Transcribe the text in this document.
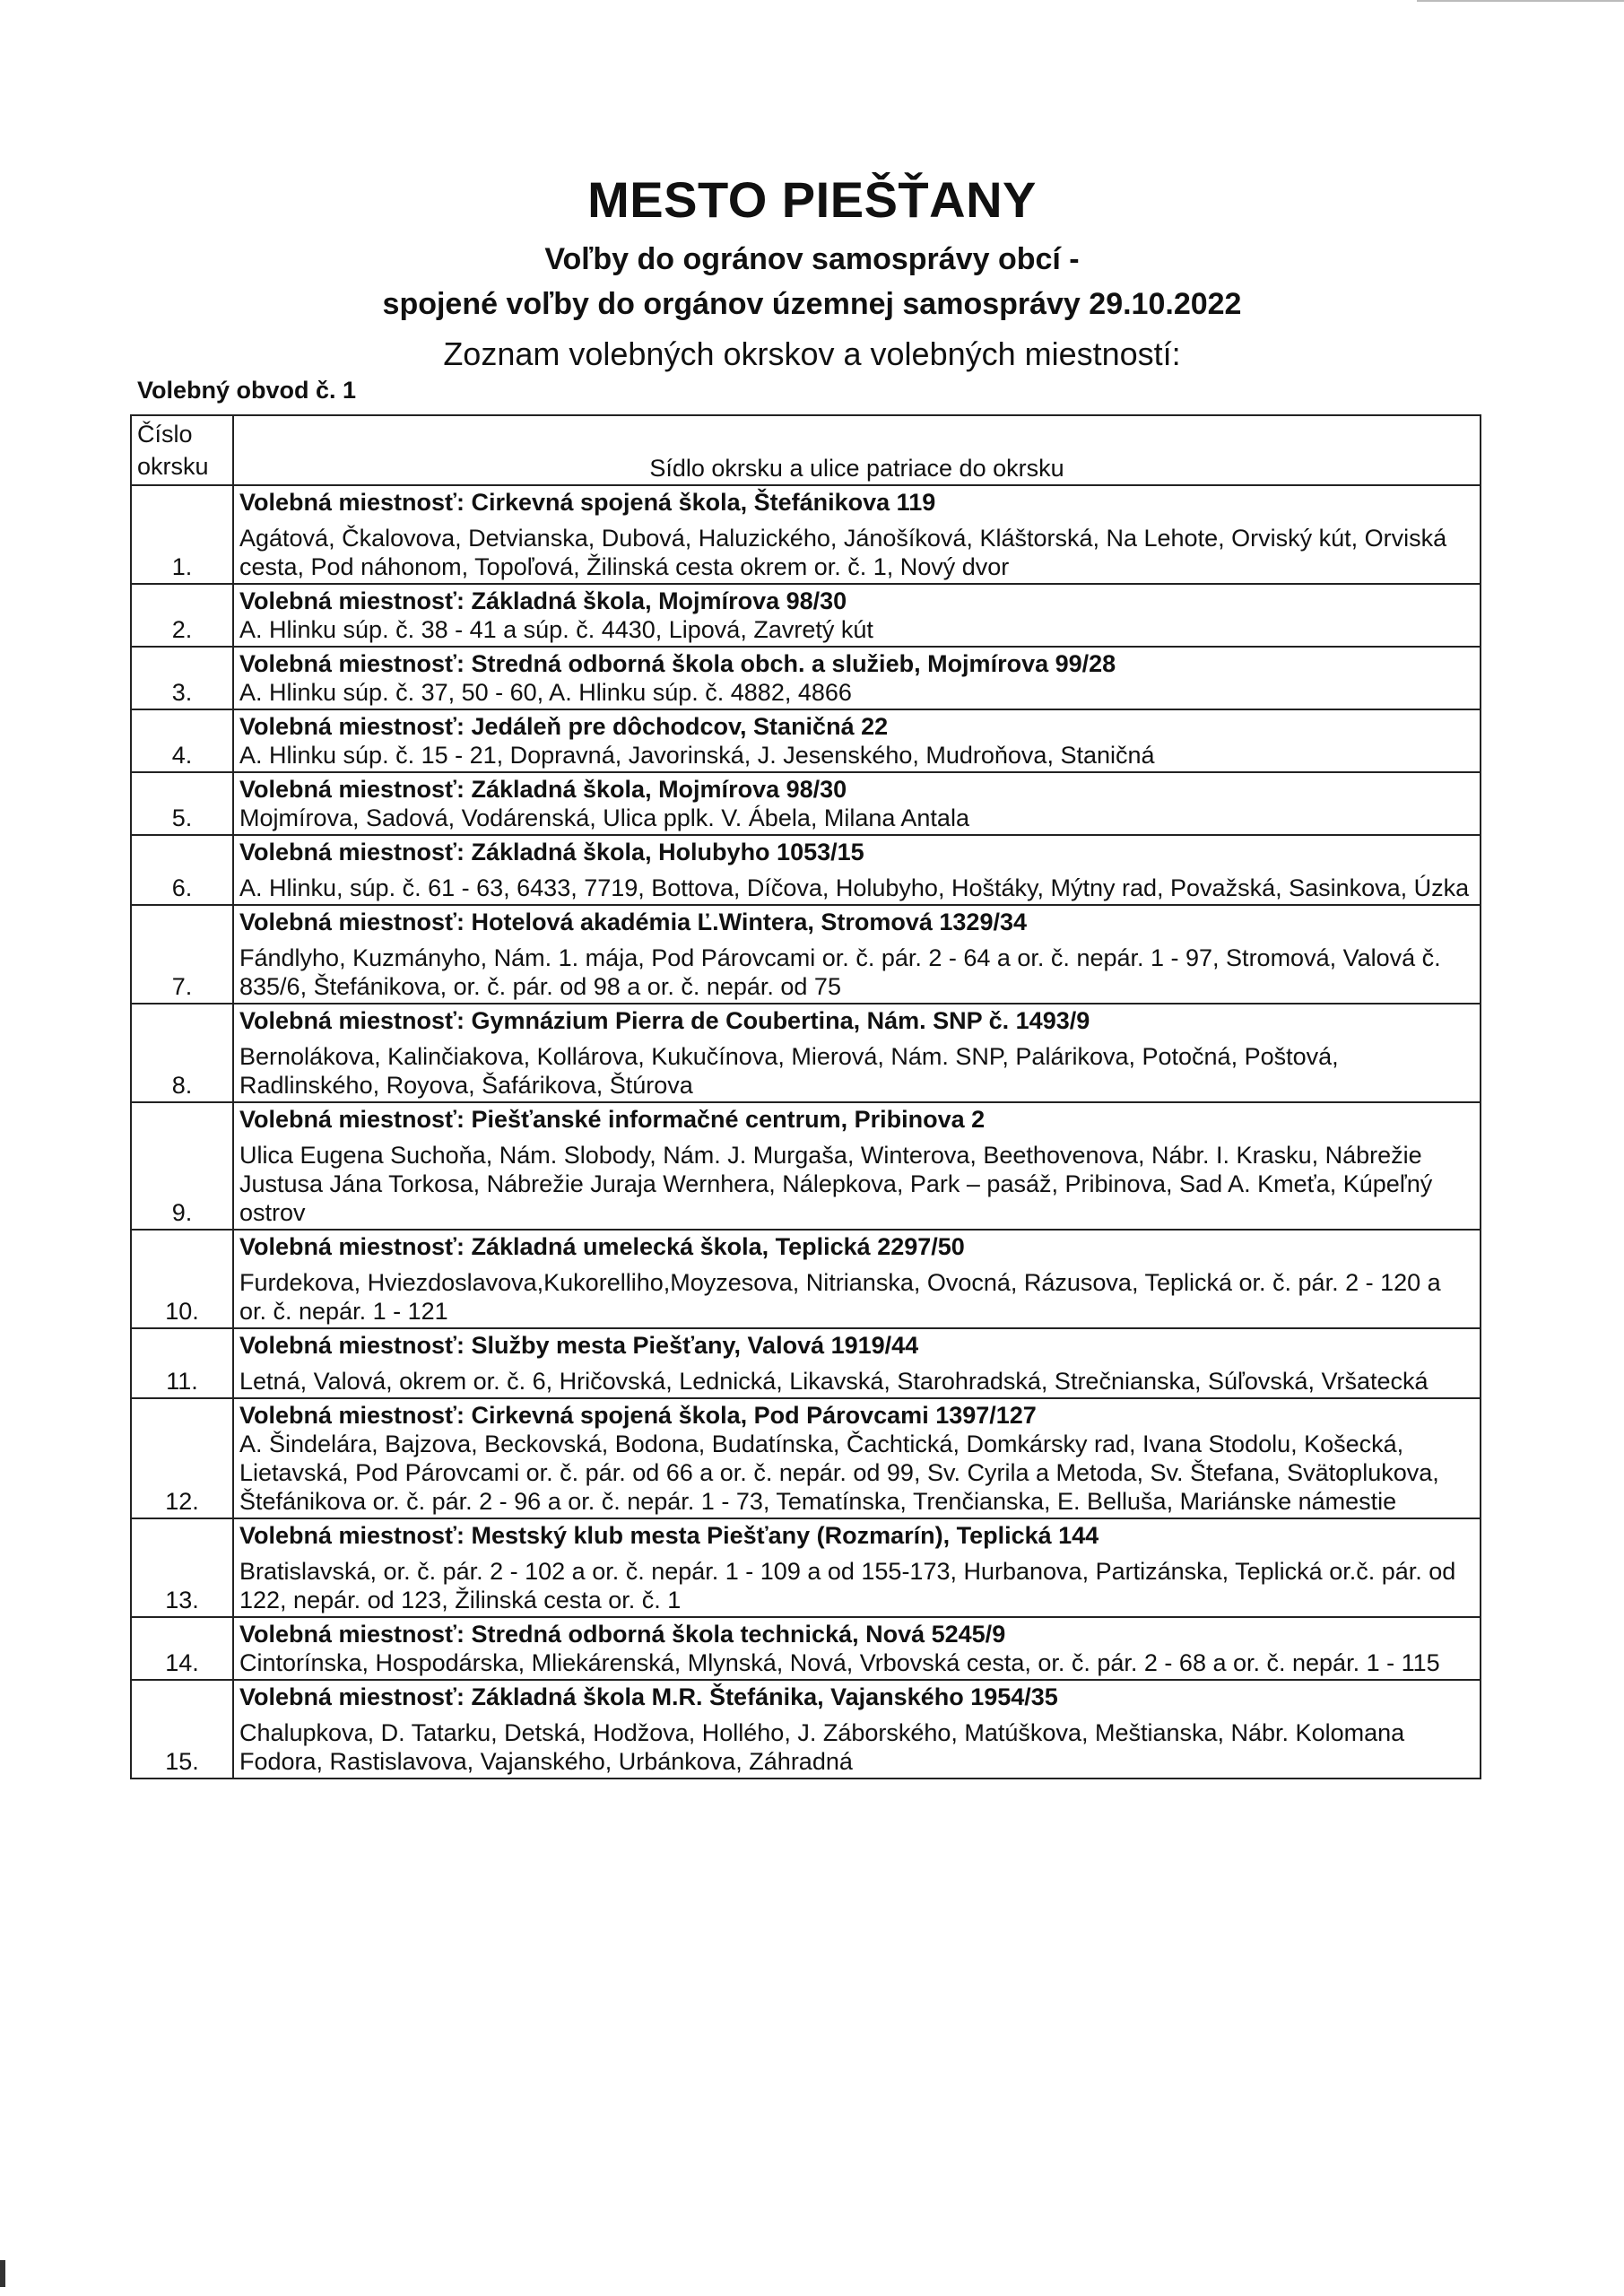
MESTO PIEŠŤANY
Voľby do ogránov samosprávy obcí -
spojené voľby do orgánov územnej samosprávy 29.10.2022
Zoznam volebných okrskov a volebných miestností:
Volebný obvod č. 1
Číslo
okrsku	Sídlo okrsku a ulice patriace do okrsku
1.	Volebná miestnosť: Cirkevná spojená škola, Štefánikova 119
Agátová, Čkalovova, Detvianska, Dubová, Haluzického, Jánošíková, Kláštorská, Na Lehote, Orviský kút, Orviská cesta, Pod náhonom, Topoľová, Žilinská cesta okrem or. č. 1, Nový dvor

2.	Volebná miestnosť: Základná škola, Mojmírova 98/30
A. Hlinku súp. č. 38 - 41 a súp. č. 4430, Lipová, Zavretý kút

3.	Volebná miestnosť: Stredná odborná škola obch. a služieb, Mojmírova 99/28
A. Hlinku súp. č. 37, 50 - 60, A. Hlinku súp. č. 4882, 4866

4.	Volebná miestnosť: Jedáleň pre dôchodcov, Staničná 22
A. Hlinku súp. č. 15 - 21, Dopravná, Javorinská, J. Jesenského, Mudroňova, Staničná

5.	Volebná miestnosť: Základná škola, Mojmírova 98/30
Mojmírova, Sadová, Vodárenská, Ulica pplk. V. Ábela, Milana Antala

6.	Volebná miestnosť: Základná škola, Holubyho 1053/15
A. Hlinku, súp. č. 61 - 63, 6433, 7719, Bottova, Díčova, Holubyho, Hoštáky, Mýtny rad, Považská, Sasinkova, Úzka

7.	Volebná miestnosť: Hotelová akadémia Ľ.Wintera, Stromová 1329/34
Fándlyho, Kuzmányho, Nám. 1. mája, Pod Párovcami or. č. pár. 2 - 64 a or. č. nepár. 1 - 97, Stromová, Valová č. 835/6, Štefánikova, or. č. pár. od 98 a or. č. nepár. od 75

8.	Volebná miestnosť: Gymnázium Pierra de Coubertina, Nám. SNP č. 1493/9
Bernolákova, Kalinčiakova, Kollárova, Kukučínova, Mierová, Nám. SNP, Palárikova, Potočná, Poštová, Radlinského, Royova, Šafárikova, Štúrova

9.	Volebná miestnosť: Piešťanské informačné centrum, Pribinova 2
Ulica Eugena Suchoňa, Nám. Slobody, Nám. J. Murgaša, Winterova, Beethovenova, Nábr. I. Krasku, Nábrežie Justusa Jána Torkosa, Nábrežie Juraja Wernhera, Nálepkova, Park – pasáž, Pribinova, Sad A. Kmeťa, Kúpeľný ostrov

10.	Volebná miestnosť: Základná umelecká škola, Teplická 2297/50
Furdekova, Hviezdoslavova,Kukorelliho,Moyzesova, Nitrianska, Ovocná, Rázusova, Teplická or. č. pár. 2 - 120 a or. č. nepár. 1 - 121

11.	Volebná miestnosť: Služby mesta Piešťany, Valová 1919/44
Letná, Valová, okrem or. č. 6, Hričovská, Lednická, Likavská, Starohradská, Strečnianska, Súľovská, Vršatecká

12.	Volebná miestnosť: Cirkevná spojená škola, Pod Párovcami 1397/127
A. Šindelára, Bajzova, Beckovská, Bodona, Budatínska, Čachtická, Domkársky rad, Ivana Stodolu, Košecká, Lietavská, Pod Párovcami or. č. pár. od 66 a or. č. nepár. od 99, Sv. Cyrila a Metoda, Sv. Štefana, Svätoplukova, Štefánikova or. č. pár. 2 - 96 a or. č. nepár. 1 - 73, Tematínska, Trenčianska, E. Belluša, Mariánske námestie

13.	Volebná miestnosť: Mestský klub mesta Piešťany (Rozmarín), Teplická 144
Bratislavská, or. č. pár. 2 - 102 a or. č. nepár. 1 - 109 a od 155-173, Hurbanova, Partizánska, Teplická or.č. pár. od 122, nepár. od 123, Žilinská cesta or. č. 1

14.	Volebná miestnosť: Stredná odborná škola technická, Nová 5245/9
Cintorínska, Hospodárska, Mliekárenská, Mlynská, Nová, Vrbovská cesta, or. č. pár. 2 - 68 a or. č. nepár. 1 - 115

15.	Volebná miestnosť: Základná škola M.R. Štefánika, Vajanského 1954/35
Chalupkova, D. Tatarku, Detská, Hodžova, Hollého, J. Záborského, Matúškova, Meštianska, Nábr. Kolomana Fodora, Rastislavova, Vajanského, Urbánkova, Záhradná
